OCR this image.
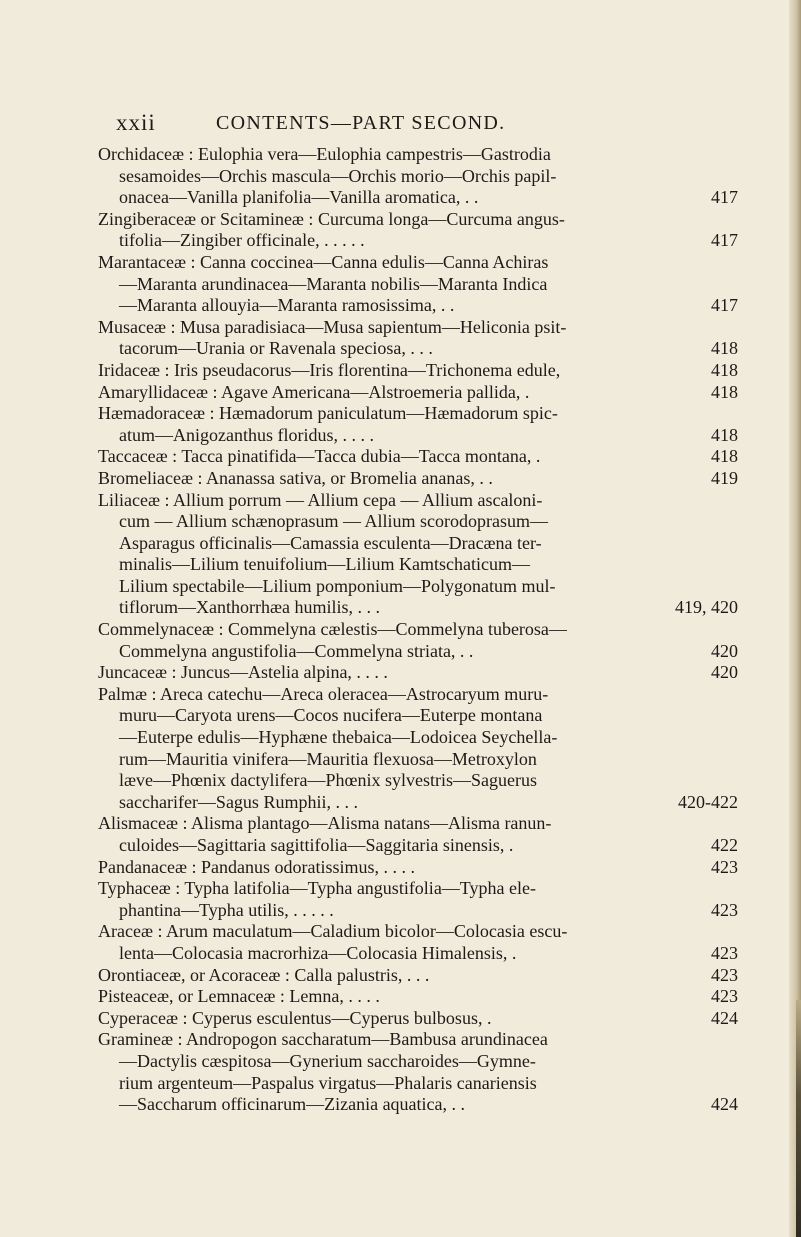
xxii	CONTENTS—PART SECOND.
Orchidaceæ : Eulophia vera—Eulophia campestris—Gastrodia
sesamoides—Orchis mascula—Orchis morio—Orchis papil-
onacea—Vanilla planifolia—Vanilla aromatica, . .	417
Zingiberaceæ or Scitamineæ : Curcuma longa—Curcuma angus-
tifolia—Zingiber officinale, . . . . .	417
Marantaceæ : Canna coccinea—Canna edulis—Canna Achiras
—Maranta arundinacea—Maranta nobilis—Maranta Indica
—Maranta allouyia—Maranta ramosissima, . .	417
Musaceæ : Musa paradisiaca—Musa sapientum—Heliconia psit-
tacorum—Urania or Ravenala speciosa, . . .	418
Iridaceæ : Iris pseudacorus—Iris florentina—Trichonema edule,	418
Amaryllidaceæ : Agave Americana—Alstroemeria pallida, .	418
Hæmadoraceæ : Hæmadorum paniculatum—Hæmadorum spic-
atum—Anigozanthus floridus, . . . .	418
Taccaceæ : Tacca pinatifida—Tacca dubia—Tacca montana, .	418
Bromeliaceæ : Ananassa sativa, or Bromelia ananas, . .	419
Liliaceæ : Allium porrum — Allium cepa — Allium ascaloni-
cum — Allium schænoprasum — Allium scorodoprasum—
Asparagus officinalis—Camassia esculenta—Dracæna ter-
minalis—Lilium tenuifolium—Lilium Kamtschaticum—
Lilium spectabile—Lilium pomponium—Polygonatum mul-
tiflorum—Xanthorrhæa humilis, . . .	419, 420
Commelynaceæ : Commelyna cælestis—Commelyna tuberosa—
Commelyna angustifolia—Commelyna striata, . .	420
Juncaceæ : Juncus—Astelia alpina, . . . .	420
Palmæ : Areca catechu—Areca oleracea—Astrocaryum muru-
muru—Caryota urens—Cocos nucifera—Euterpe montana
—Euterpe edulis—Hyphæne thebaica—Lodoicea Seychella-
rum—Mauritia vinifera—Mauritia flexuosa—Metroxylon
læve—Phœnix dactylifera—Phœnix sylvestris—Saguerus
saccharifer—Sagus Rumphii, . . .	420-422
Alismaceæ : Alisma plantago—Alisma natans—Alisma ranun-
culoides—Sagittaria sagittifolia—Saggitaria sinensis, .	422
Pandanaceæ : Pandanus odoratissimus, . . . .	423
Typhaceæ : Typha latifolia—Typha angustifolia—Typha ele-
phantina—Typha utilis, . . . . .	423
Araceæ : Arum maculatum—Caladium bicolor—Colocasia escu-
lenta—Colocasia macrorhiza—Colocasia Himalensis, .	423
Orontiaceæ, or Acoraceæ : Calla palustris, . . .	423
Pisteaceæ, or Lemnaceæ : Lemna, . . . .	423
Cyperaceæ : Cyperus esculentus—Cyperus bulbosus, .	424
Gramineæ : Andropogon saccharatum—Bambusa arundinacea
—Dactylis cæspitosa—Gynerium saccharoides—Gymne-
rium argenteum—Paspalus virgatus—Phalaris canariensis
—Saccharum officinarum—Zizania aquatica, . .	424
